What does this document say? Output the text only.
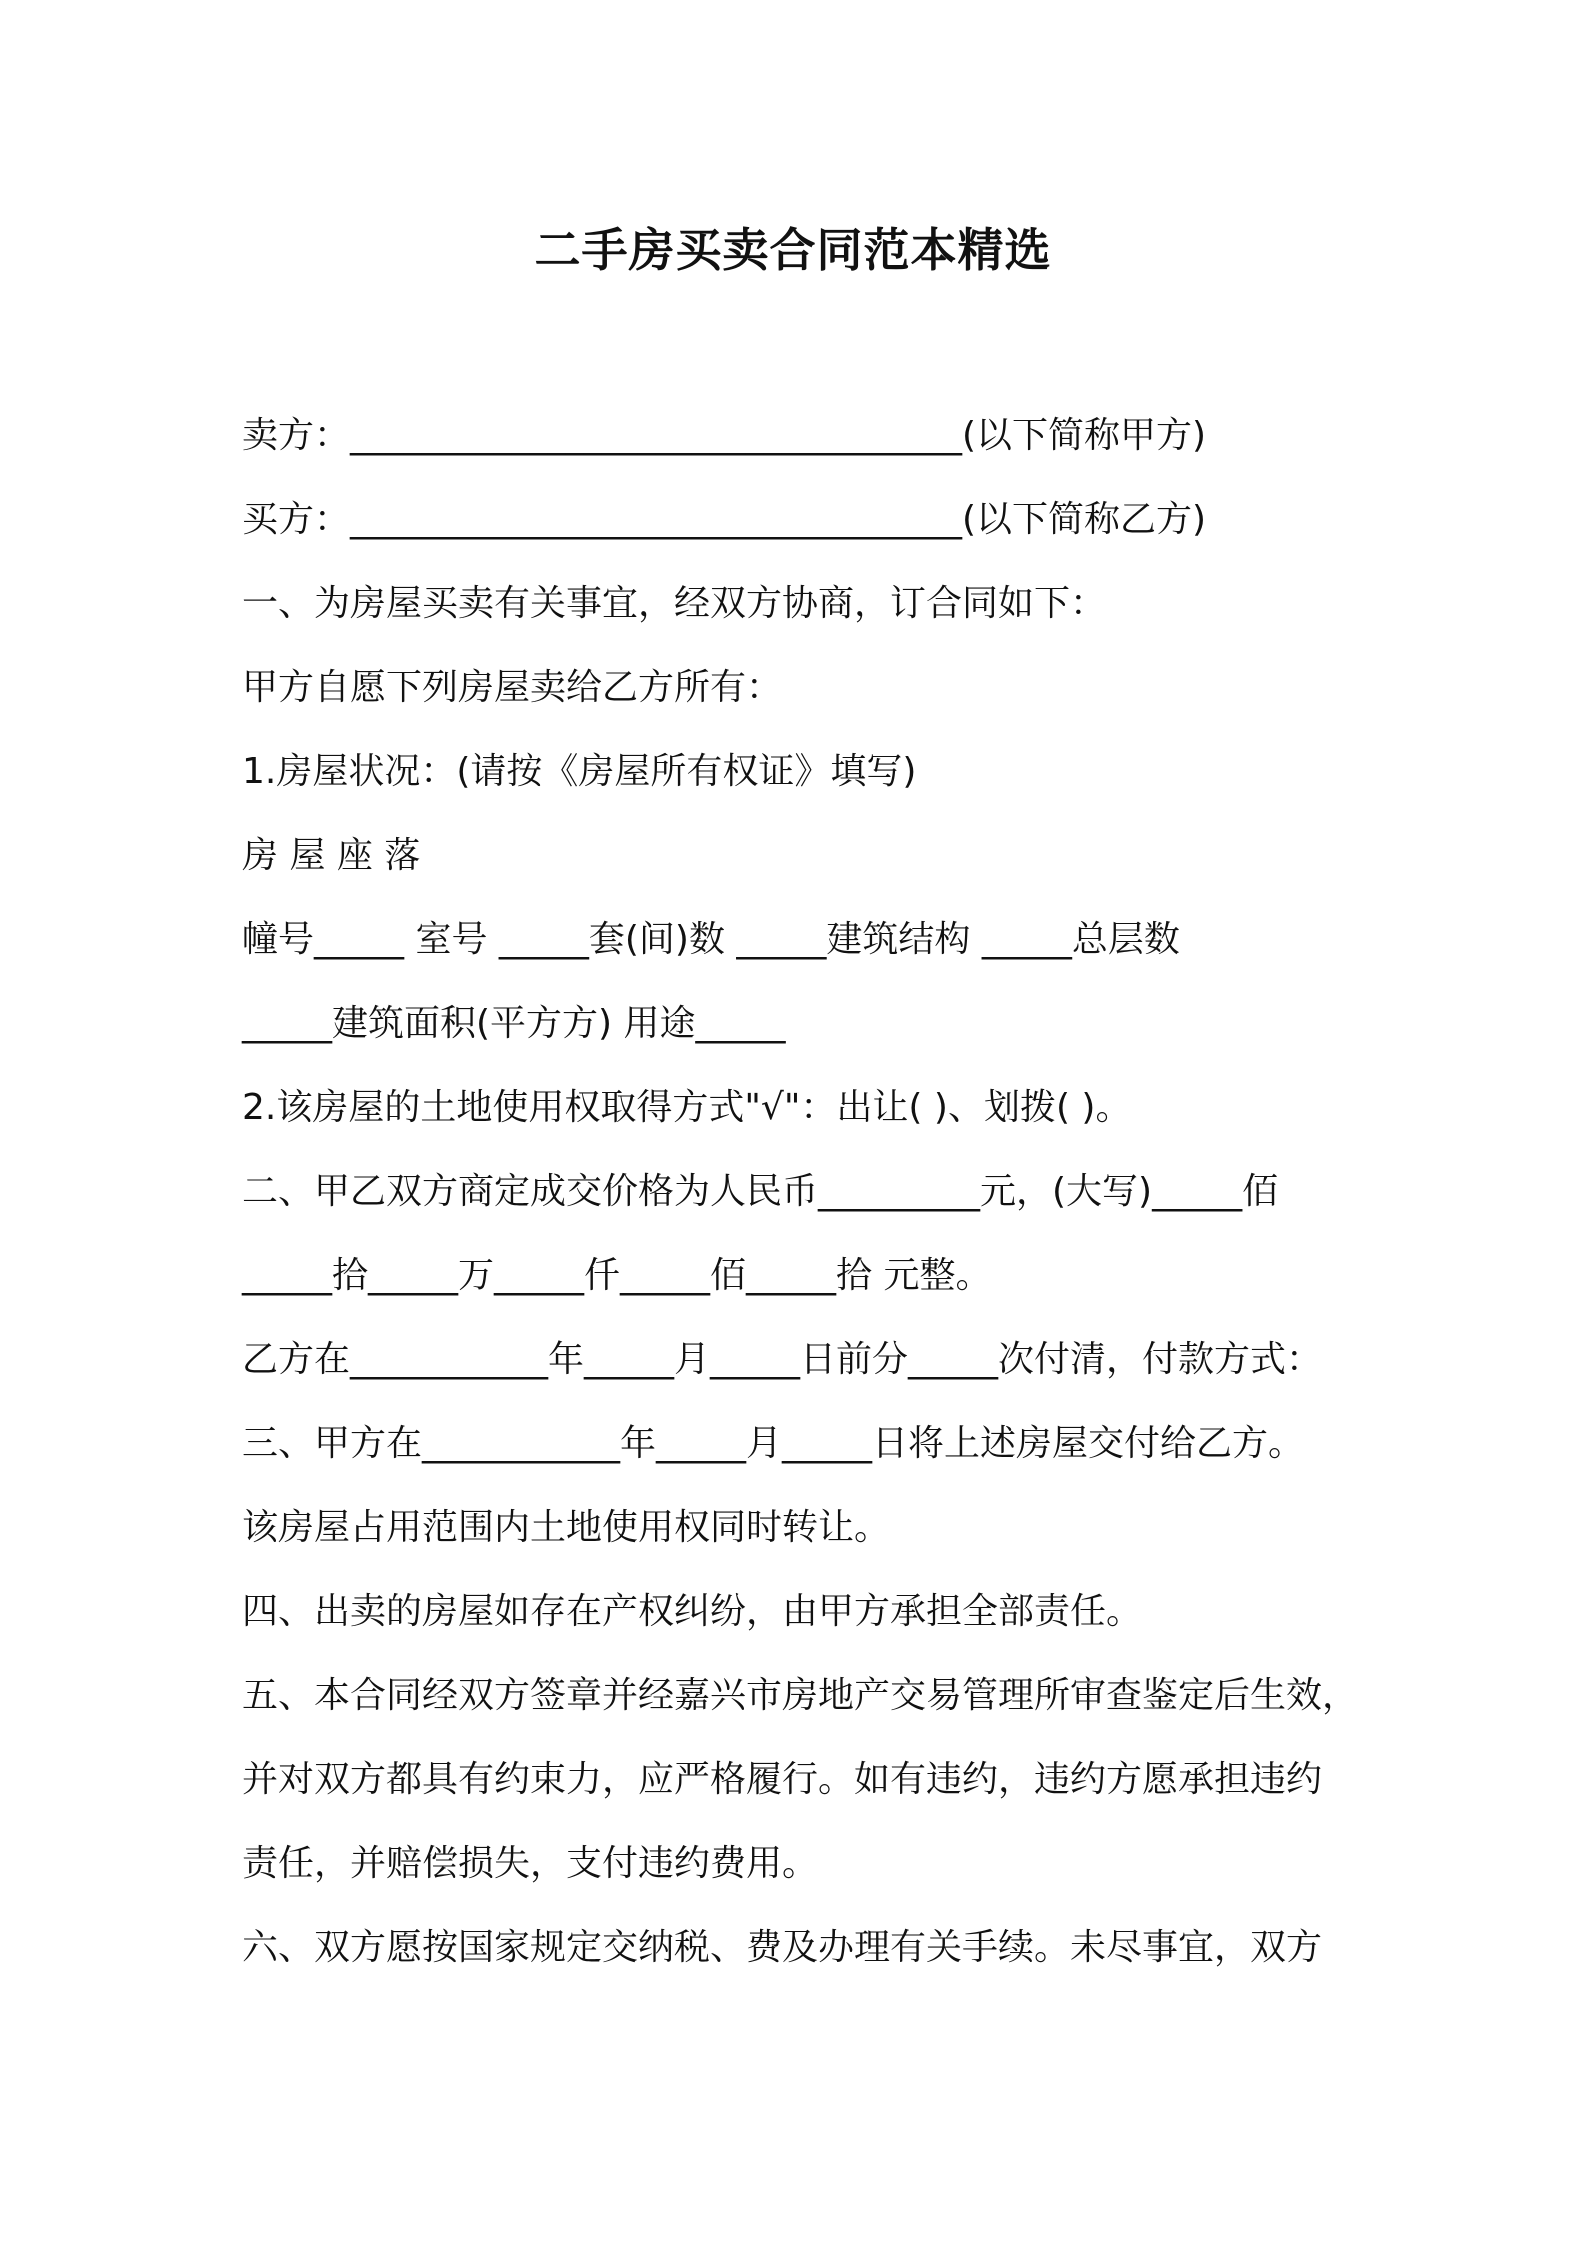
二手房买卖合同范本精选
卖方：__________________________________(以下简称甲方)
买方：__________________________________(以下简称乙方)
一、为房屋买卖有关事宜，经双方协商，订合同如下：
甲方自愿下列房屋卖给乙方所有：
1.房屋状况：(请按《房屋所有权证》填写)
房 屋 座 落
幢号_____ 室号 _____套(间)数 _____建筑结构 _____总层数
_____建筑面积(平方方) 用途_____
2.该房屋的土地使用权取得方式"√"：出让( )、划拨( )。
二、甲乙双方商定成交价格为人民币_________元，(大写)_____佰
_____拾_____万_____仟_____佰_____拾 元整。
乙方在___________年_____月_____日前分_____次付清，付款方式：
三、甲方在___________年_____月_____日将上述房屋交付给乙方。
该房屋占用范围内土地使用权同时转让。
四、出卖的房屋如存在产权纠纷，由甲方承担全部责任。
五、本合同经双方签章并经嘉兴市房地产交易管理所审查鉴定后生效，
并对双方都具有约束力，应严格履行。如有违约，违约方愿承担违约
责任，并赔偿损失，支付违约费用。
六、双方愿按国家规定交纳税、费及办理有关手续。未尽事宜，双方
